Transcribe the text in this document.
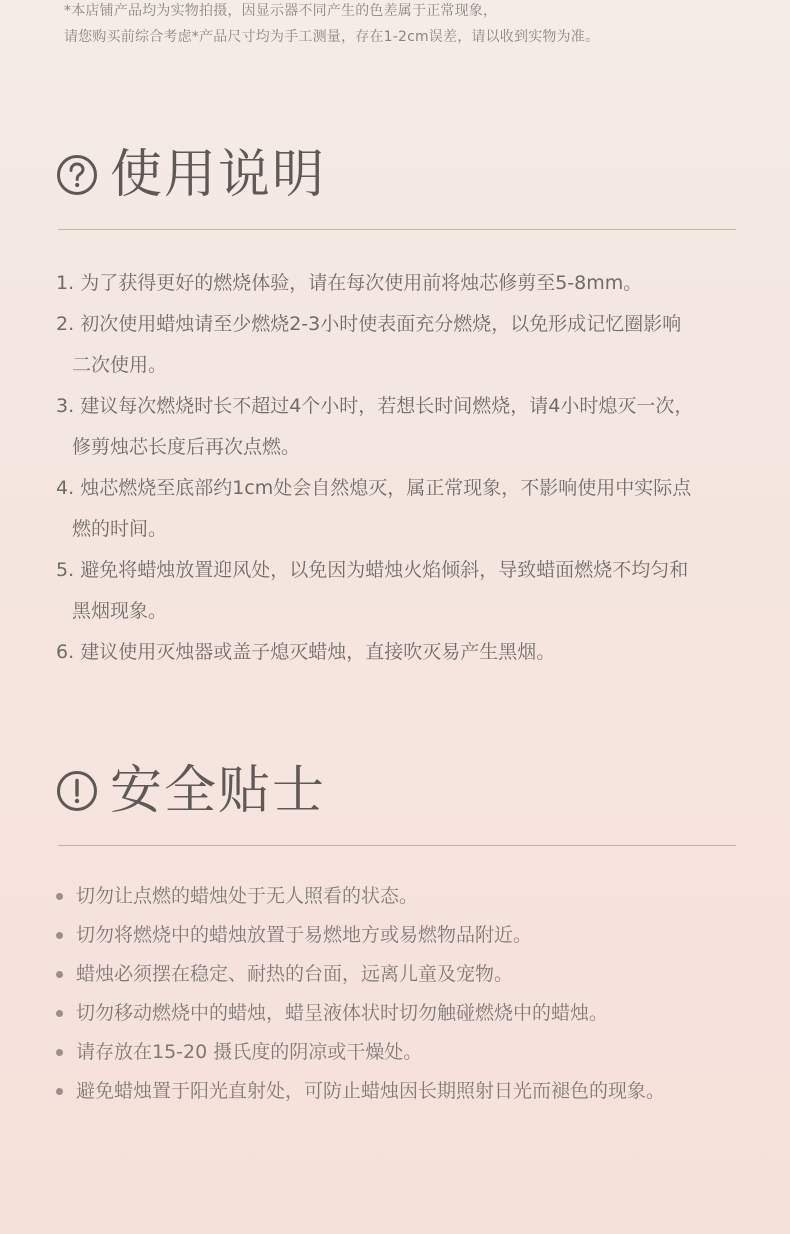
*本店铺产品均为实物拍摄，因显示器不同产生的色差属于正常现象，
请您购买前综合考虑*产品尺寸均为手工测量，存在1-2cm误差，请以收到实物为准。
使用说明
1. 为了获得更好的燃烧体验，请在每次使用前将烛芯修剪至5-8mm。
2. 初次使用蜡烛请至少燃烧2-3小时使表面充分燃烧，以免形成记忆圈影响
二次使用。
3. 建议每次燃烧时长不超过4个小时，若想长时间燃烧，请4小时熄灭一次，
修剪烛芯长度后再次点燃。
4. 烛芯燃烧至底部约1cm处会自然熄灭，属正常现象，不影响使用中实际点
燃的时间。
5. 避免将蜡烛放置迎风处，以免因为蜡烛火焰倾斜，导致蜡面燃烧不均匀和
黑烟现象。
6. 建议使用灭烛器或盖子熄灭蜡烛，直接吹灭易产生黑烟。
安全贴士
切勿让点燃的蜡烛处于无人照看的状态。
切勿将燃烧中的蜡烛放置于易燃地方或易燃物品附近。
蜡烛必须摆在稳定、耐热的台面，远离儿童及宠物。
切勿移动燃烧中的蜡烛，蜡呈液体状时切勿触碰燃烧中的蜡烛。
请存放在15-20 摄氏度的阴凉或干燥处。
避免蜡烛置于阳光直射处，可防止蜡烛因长期照射日光而褪色的现象。
